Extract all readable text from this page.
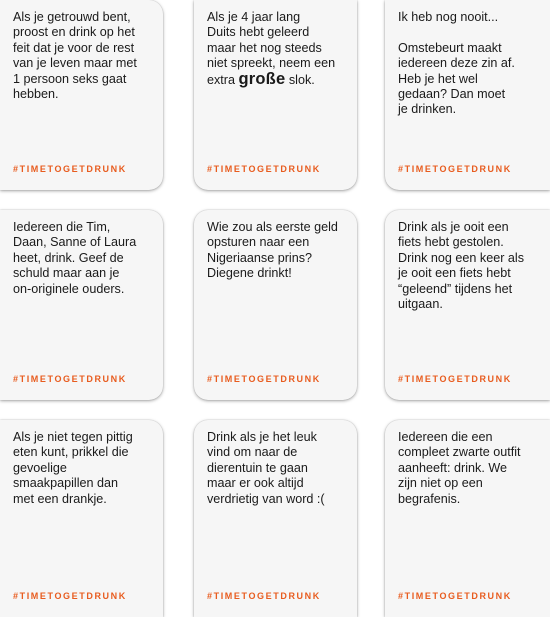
Als je getrouwd bent,
proost en drink op het
feit dat je voor de rest
van je leven maar met
1 persoon seks gaat
hebben.

#TIMETOGETDRUNK

Als je 4 jaar lang
Duits hebt geleerd
maar het nog steeds
niet spreekt, neem een
extra große slok.

#TIMETOGETDRUNK

Ik heb nog nooit...

Omstebeurt maakt
iedereen deze zin af.
Heb je het wel
gedaan? Dan moet
je drinken.

#TIMETOGETDRUNK

Iedereen die Tim,
Daan, Sanne of Laura
heet, drink. Geef de
schuld maar aan je
on-originele ouders.

#TIMETOGETDRUNK

Wie zou als eerste geld
opsturen naar een
Nigeriaanse prins?
Diegene drinkt!

#TIMETOGETDRUNK

Drink als je ooit een
fiets hebt gestolen.
Drink nog een keer als
je ooit een fiets hebt
“geleend” tijdens het
uitgaan.

#TIMETOGETDRUNK

Als je niet tegen pittig
eten kunt, prikkel die
gevoelige
smaakpapillen dan
met een drankje.

#TIMETOGETDRUNK

Drink als je het leuk
vind om naar de
dierentuin te gaan
maar er ook altijd
verdrietig van word :(

#TIMETOGETDRUNK

Iedereen die een
compleet zwarte outfit
aanheeft: drink. We
zijn niet op een
begrafenis.

#TIMETOGETDRUNK
